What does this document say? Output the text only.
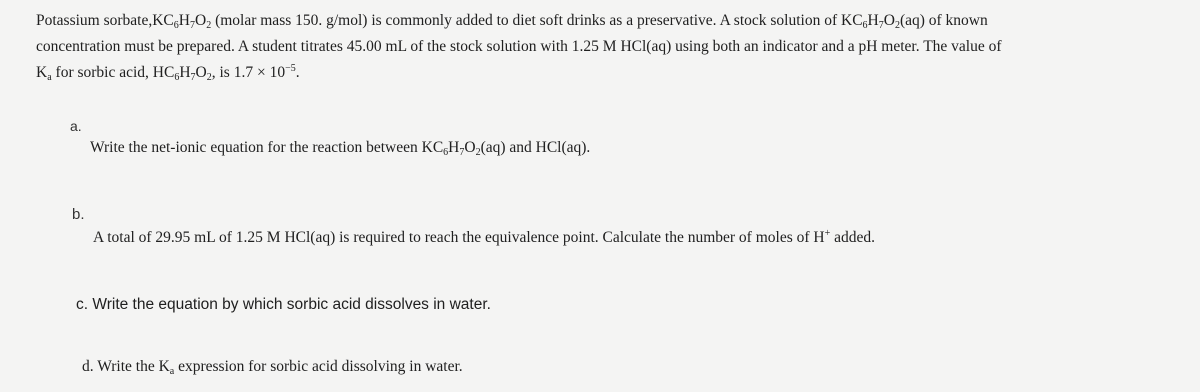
Potassium $sorbate,KC_6H_7O_2$ (molar mass 150. g/mol) is commonly added to diet soft drinks as a preservative. A stock solution of $KC_6H_7O_2(aq)$ of known

concentration must be prepared. A student titrates 45.00 mL of the stock solution with 1.25 M HCl(aq) using both an indicator and a pH meter. The value of

$K_a$ for sorbic acid, $HC_6H_7O_2$, is $1.7 \times 10^{-5}$.

a.
Write the net-ionic equation for the reaction between $KC_6H_7O_2(aq)$ and HCl(aq).
b.
A total of 29.95 mL of 1.25 M HCl(aq) is required to reach the equivalence point. Calculate the number of moles of H+ added.
c. Write the equation by which sorbic acid dissolves in water.
d. Write the $K_a$ expression for sorbic acid dissolving in water.
